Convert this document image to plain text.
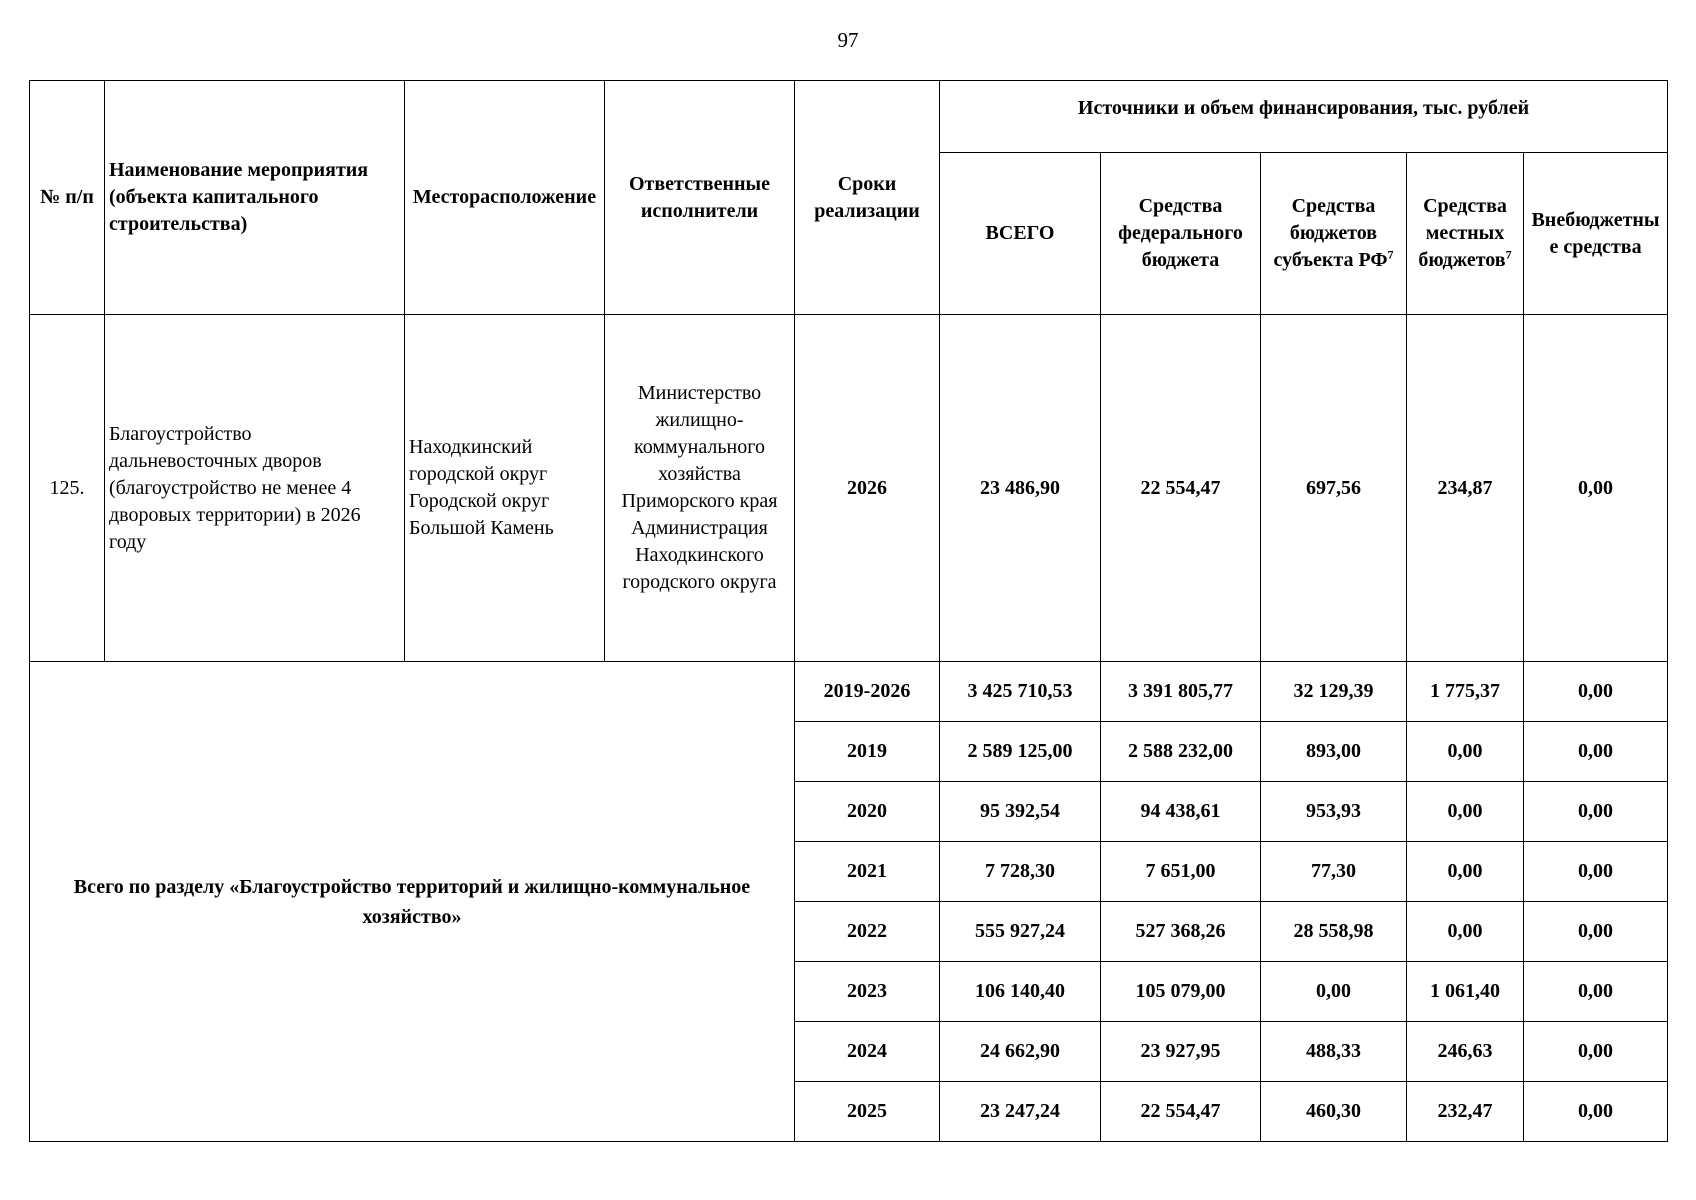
97
№ п/п	Наименование мероприятия (объекта капитального строительства)	Месторасположение	Ответственные исполнители	Сроки реализации	Источники и объем финансирования, тыс. рублей				
					ВСЕГО	Средства федерального бюджета	Средства бюджетов субъекта $РФ^7$	Средства местных бюджетов$^7$	Внебюджетные средства
125.	Благоустройство дальневосточных дворов (благоустройство не менее 4 дворовых территории) в 2026 году	Находкинский городской округ Городской округ Большой Камень	Министерство жилищно-коммунального хозяйства Приморского края Администрация Находкинского городского округа	2026	23 486,90	22 554,47	697,56	234,87	0,00
Всего по разделу «Благоустройство территорий и жилищно-коммунальное хозяйство»				2019-2026	3 425 710,53	3 391 805,77	32 129,39	1 775,37	0,00
				2019	2 589 125,00	2 588 232,00	893,00	0,00	0,00
				2020	95 392,54	94 438,61	953,93	0,00	0,00
				2021	7 728,30	7 651,00	77,30	0,00	0,00
				2022	555 927,24	527 368,26	28 558,98	0,00	0,00
				2023	106 140,40	105 079,00	0,00	1 061,40	0,00
				2024	24 662,90	23 927,95	488,33	246,63	0,00
				2025	23 247,24	22 554,47	460,30	232,47	0,00
